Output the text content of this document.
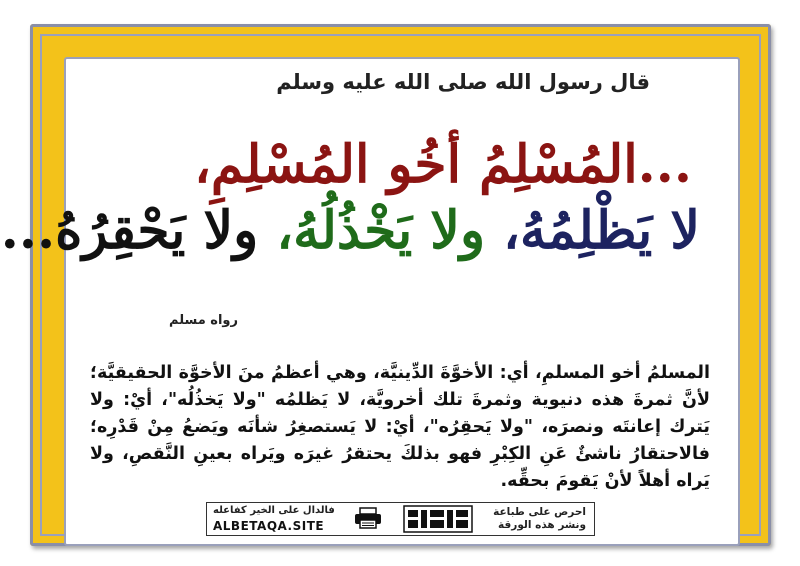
قال رسول الله صلى الله عليه وسلم
...المُسْلِمُ أخُو المُسْلِمِ،
لا يَظْلِمُهُ، ولا يَخْذُلُهُ، ولا يَحْقِرُهُ...
رواه مسلم
المسلمُ أخو المسلمِ، أي: الأخوَّةَ الدِّينيَّة، وهي أعظمُ منَ الأخوَّة الحقيقيَّة؛ لأنَّ ثمرةَ هذه دنيوية وثمرةَ تلك أخرويَّة، لا يَظلمُه "ولا يَخذُلُه"، أيْ: ولا يَترك إعانتَه ونصرَه، "ولا يَحقِرُه"، أيْ: لا يَستصغِرُ شأنَه ويَضعُ مِنْ قَدْرِه؛ فالاحتقارُ ناشئٌ عَنِ الكِبْرِ فهو بذلكَ يحتقرُ غيرَه ويَراه بعينِ النَّقصِ، ولا يَراه أهلاً لأنْ يَقومَ بحقِّه.
فالدال على الخير كفاعله
ALBETAQA.SITE
احرص على طباعة
ونشر هذه الورقة
